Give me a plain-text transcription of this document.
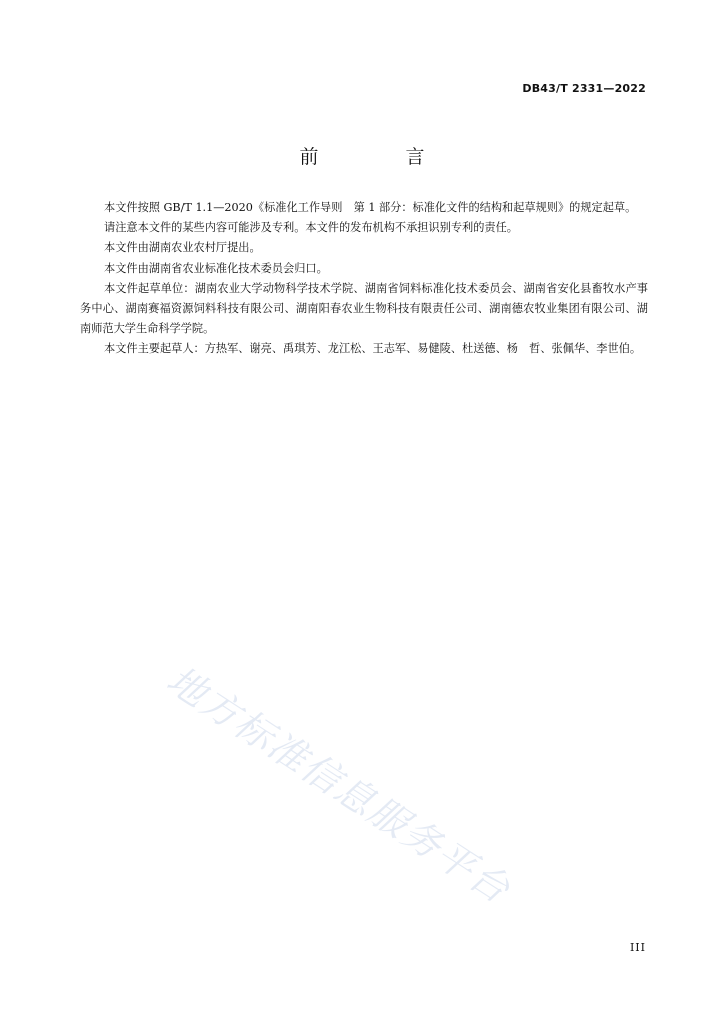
DB43/T 2331—2022
前　言

本文件按照 GB/T 1.1—2020《标准化工作导则　第 1 部分：标准化文件的结构和起草规则》的规定起草。

请注意本文件的某些内容可能涉及专利。本文件的发布机构不承担识别专利的责任。

本文件由湖南农业农村厅提出。

本文件由湖南省农业标准化技术委员会归口。

本文件起草单位：湖南农业大学动物科学技术学院、湖南省饲料标准化技术委员会、湖南省安化县畜牧水产事务中心、湖南赛福资源饲料科技有限公司、湖南阳春农业生物科技有限责任公司、湖南德农牧业集团有限公司、湖南师范大学生命科学学院。

本文件主要起草人：方热军、谢亮、禹琪芳、龙江松、王志军、易健陵、杜送德、杨　哲、张佩华、李世伯。

地方标准信息服务平台
III
